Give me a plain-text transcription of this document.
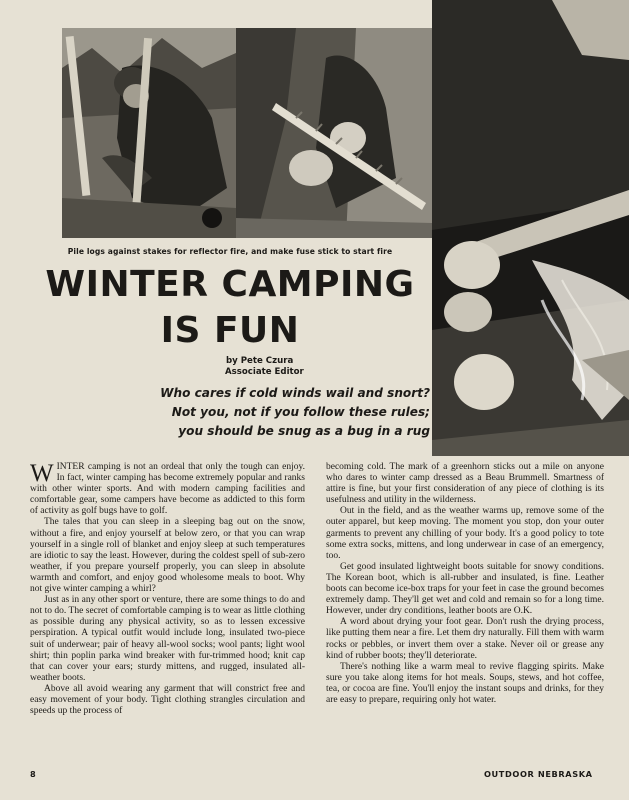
Pile logs against stakes for reflector fire, and make fuse stick to start fire
WINTER CAMPING
IS FUN
by Pete Czura
Associate Editor
Who cares if cold winds wail and snort?
Not you, not if you follow these rules;
you should be snug as a bug in a rug

WINTER camping is not an ordeal that only the tough can enjoy. In fact, winter camping has become extremely popular and ranks with other winter sports. And with modern camping facilities and comfortable gear, some campers have become as addicted to this form of activity as golf bugs have to golf.

The tales that you can sleep in a sleeping bag out on the snow, without a fire, and enjoy yourself at below zero, or that you can wrap yourself in a single roll of blanket and enjoy sleep at such temperatures are idiotic to say the least. However, during the coldest spell of sub-zero weather, if you prepare yourself properly, you can sleep in absolute warmth and comfort, and enjoy good wholesome meals to boot. Why not give winter camping a whirl?

Just as in any other sport or venture, there are some things to do and not to do. The secret of comfortable camping is to wear as little clothing as possible during any physical activity, so as to lessen excessive perspiration. A typical outfit would include long, insulated two-piece suit of underwear; pair of heavy all-wool socks; wool pants; light wool shirt; thin poplin parka wind breaker with fur-trimmed hood; knit cap that can cover your ears; sturdy mittens, and rugged, insulated all-weather boots.

Above all avoid wearing any garment that will constrict free and easy movement of your body. Tight clothing strangles circulation and speeds up the process of

becoming cold. The mark of a greenhorn sticks out a mile on anyone who dares to winter camp dressed as a Beau Brummell. Smartness of attire is fine, but your first consideration of any piece of clothing is its usefulness and utility in the wilderness.

Out in the field, and as the weather warms up, remove some of the outer apparel, but keep moving. The moment you stop, don your outer garments to prevent any chilling of your body. It's a good policy to tote some extra socks, mittens, and long underwear in case of an emergency, too.

Get good insulated lightweight boots suitable for snowy conditions. The Korean boot, which is all-rubber and insulated, is fine. Leather boots can become ice-box traps for your feet in case the ground becomes extremely damp. They'll get wet and cold and remain so for a long time. However, under dry conditions, leather boots are O.K.

A word about drying your foot gear. Don't rush the drying process, like putting them near a fire. Let them dry naturally. Fill them with warm rocks or pebbles, or invert them over a stake. Never oil or grease any kind of rubber boots; they'll deteriorate.

There's nothing like a warm meal to revive flagging spirits. Make sure you take along items for hot meals. Soups, stews, and hot coffee, tea, or cocoa are fine. You'll enjoy the instant soups and drinks, for they are easy to prepare, requiring only hot water.

8	OUTDOOR NEBRASKA
